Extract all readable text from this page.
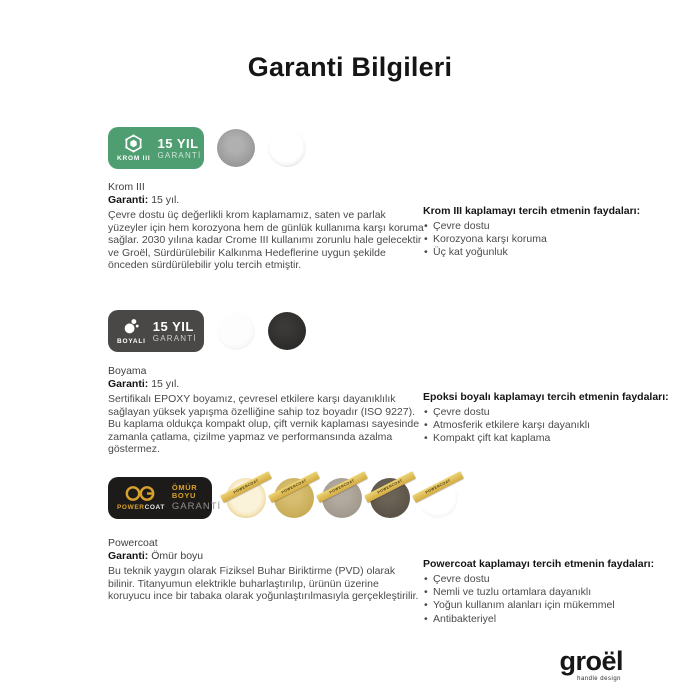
Garanti Bilgileri
KROM III
15 YIL
GARANTİ
Krom III
Garanti: 15 yıl.

Çevre dostu üç değerlikli krom kaplamamız, saten ve parlak yüzeyler için hem korozyona hem de günlük kullanıma karşı koruma sağlar. 2030 yılına kadar Crome III kullanımı zorunlu hale gelecektir ve Groël, Sürdürülebilir Kalkınma Hedeflerine uygun şekilde önceden sürdürülebilir yolu tercih etmiştir.

Krom III kaplamayı tercih etmenin faydaları:
• Çevre dostu
• Korozyona karşı koruma
• Üç kat yoğunluk
BOYALI
15 YIL
GARANTİ
Boyama
Garanti: 15 yıl.

Sertifikalı EPOXY boyamız, çevresel etkilere karşı dayanıklılık sağlayan yüksek yapışma özelliğine sahip toz boyadır (ISO 9227). Bu kaplama oldukça kompakt olup, çift vernik kaplaması sayesinde zamanla çatlama, çizilme yapmaz ve performansında azalma göstermez.

Epoksi boyalı kaplamayı tercih etmenin faydaları:
• Çevre dostu
• Atmosferik etkilere karşı dayanıklı
• Kompakt çift kat kaplama
POWERCOAT
ÖMÜR BOYU
GARANTİ
POWERCOAT	POWERCOAT	POWERCOAT	POWERCOAT	POWERCOAT
Powercoat
Garanti: Ömür boyu

Bu teknik yaygın olarak Fiziksel Buhar Biriktirme (PVD) olarak bilinir. Titanyumun elektrikle buharlaştırılıp, ürünün üzerine koruyucu ince bir tabaka olarak yoğunlaştırılmasıyla gerçekleştirilir.

Powercoat kaplamayı tercih etmenin faydaları:
• Çevre dostu
• Nemli ve tuzlu ortamlara dayanıklı
• Yoğun kullanım alanları için mükemmel
• Antibakteriyel
groël
handle design
